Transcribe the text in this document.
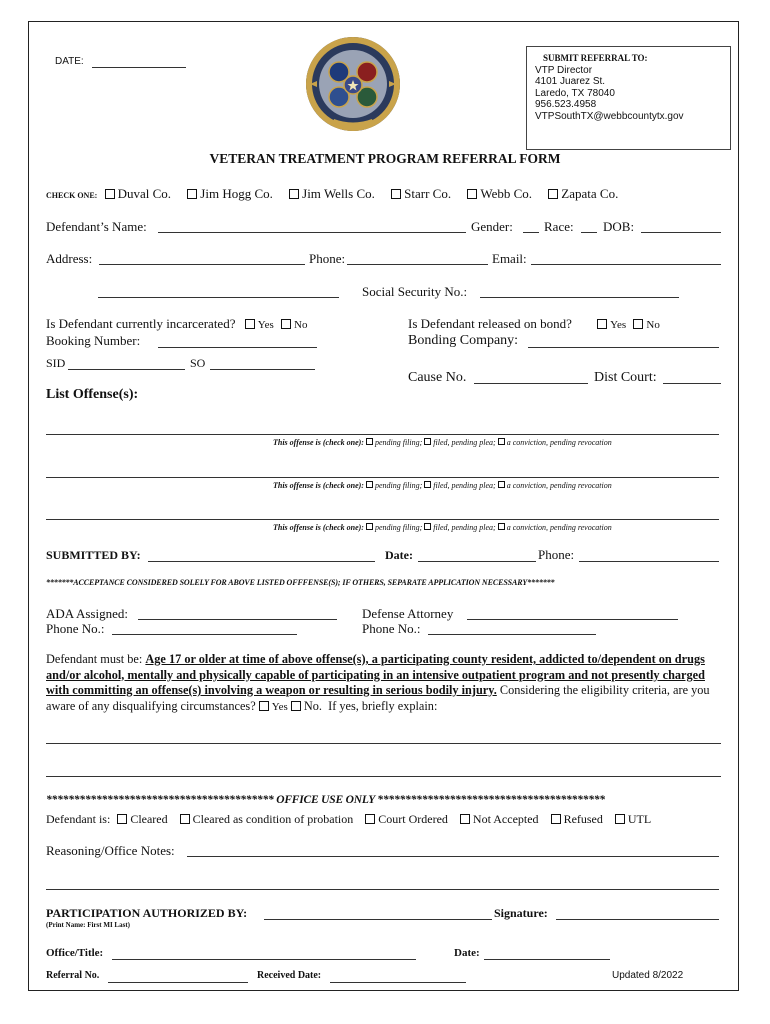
DATE:	SUBMIT REFERRAL TO:
VTP Director
4101 Juarez St.
Laredo, TX 78040
956.523.4958
VTPSouthTX@webbcountytx.gov
VETERAN TREATMENT PROGRAM REFERRAL FORM
CHECK ONE: Duval Co. Jim Hogg Co. Jim Wells Co. Starr Co. Webb Co. Zapata Co.
Defendant’s Name:	Gender: Race: DOB:
Address:	Phone:	Email:
Social Security No.:
Is Defendant currently incarcerated? Yes No
Booking Number:
SID	SO
Is Defendant released on bond?	Yes No
Bonding Company:
Cause No.	Dist Court:
List Offense(s):
This offense is (check one): pending filing; filed, pending plea; a conviction, pending revocation
This offense is (check one): pending filing; filed, pending plea; a conviction, pending revocation
This offense is (check one): pending filing; filed, pending plea; a conviction, pending revocation
SUBMITTED BY:	Date:	Phone:
*******ACCEPTANCE CONSIDERED SOLELY FOR ABOVE LISTED OFFFENSE(S); IF OTHERS, SEPARATE APPLICATION NECESSARY*******
ADA Assigned:
Phone No.:
Defense Attorney
Phone No.:
Defendant must be: Age 17 or older at time of above offense(s), a participating county resident, addicted to/dependent on drugs and/or alcohol, mentally and physically capable of participating in an intensive outpatient program and not presently charged with committing an offense(s) involving a weapon or resulting in serious bodily injury. Considering the eligibility criteria, are you aware of any disqualifying circumstances? Yes No. If yes, briefly explain:
***************************************** OFFICE USE ONLY *****************************************
Defendant is: Cleared Cleared as condition of probation Court Ordered Not Accepted Refused UTL
Reasoning/Office Notes:
PARTICIPATION AUTHORIZED BY:
(Print Name: First MI Last)
Signature:
Office/Title:	Date:
Referral No.	Received Date:	Updated 8/2022
